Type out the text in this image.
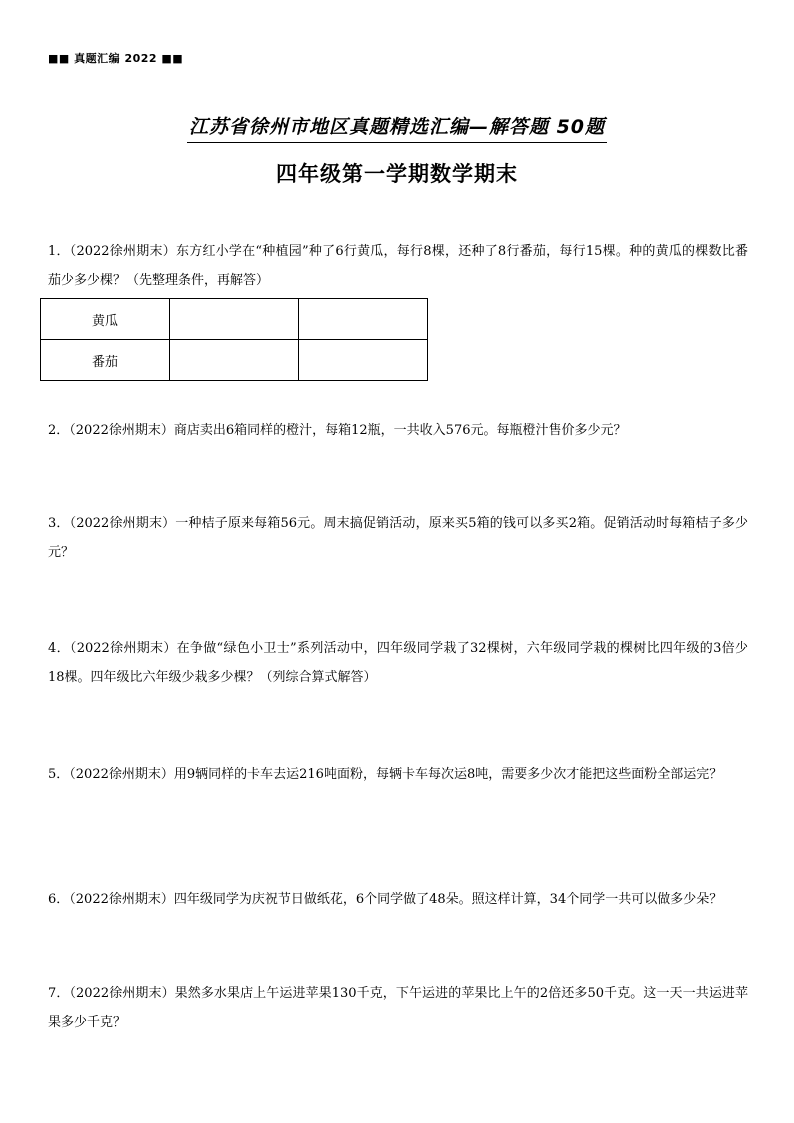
■■ 真题汇编 2022 ■■
江苏省徐州市地区真题精选汇编—解答题 50题
四年级第一学期数学期末
1．（2022徐州期末）东方红小学在“种植园”种了6行黄瓜，每行8棵，还种了8行番茄，每行15棵。种的黄瓜的棵数比番茄少多少棵？（先整理条件，再解答）
黄瓜		
番茄		
2．（2022徐州期末）商店卖出6箱同样的橙汁，每箱12瓶，一共收入576元。每瓶橙汁售价多少元？
3．（2022徐州期末）一种桔子原来每箱56元。周末搞促销活动，原来买5箱的钱可以多买2箱。促销活动时每箱桔子多少元？
4．（2022徐州期末）在争做“绿色小卫士”系列活动中，四年级同学栽了32棵树，六年级同学栽的棵树比四年级的3倍少18棵。四年级比六年级少栽多少棵？（列综合算式解答）
5．（2022徐州期末）用9辆同样的卡车去运216吨面粉，每辆卡车每次运8吨，需要多少次才能把这些面粉全部运完？
6．（2022徐州期末）四年级同学为庆祝节日做纸花，6个同学做了48朵。照这样计算，34个同学一共可以做多少朵？
7．（2022徐州期末）果然多水果店上午运进苹果130千克，下午运进的苹果比上午的2倍还多50千克。这一天一共运进苹果多少千克？
